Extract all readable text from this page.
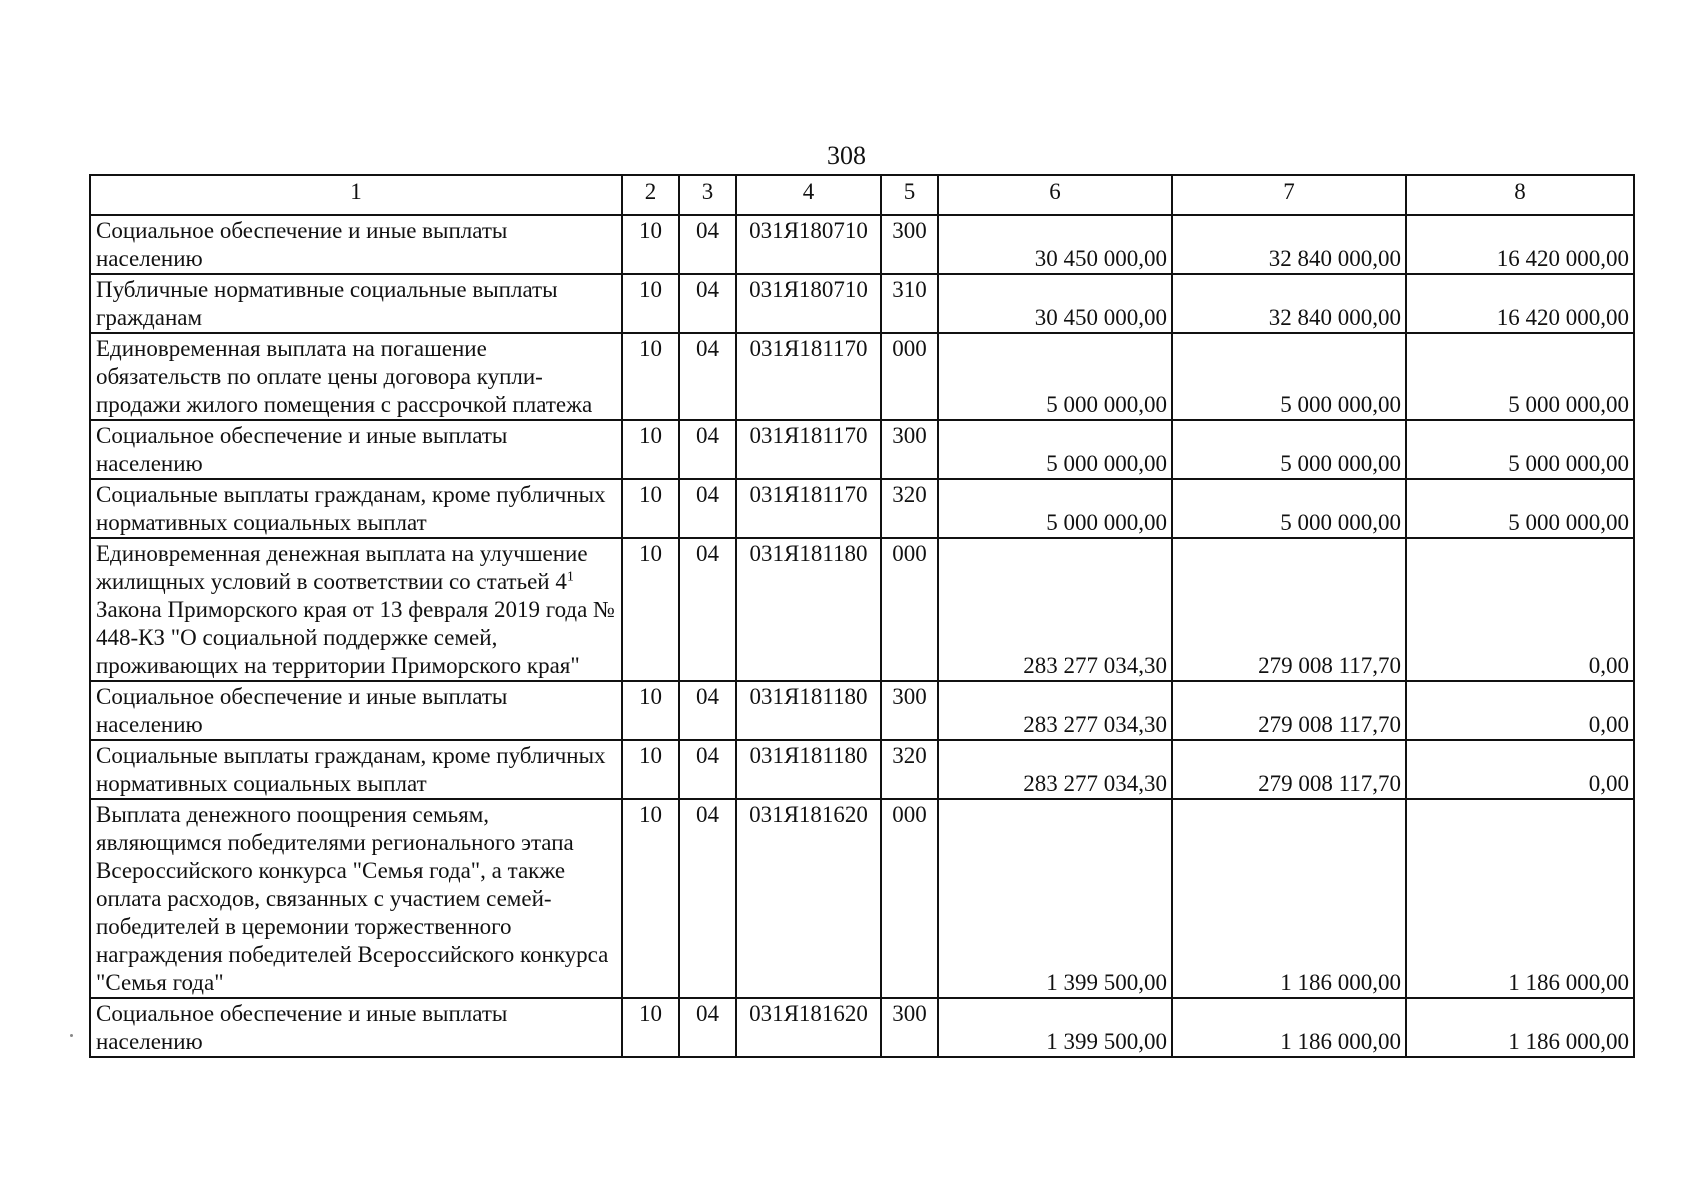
308
1	2	3	4	5	6	7	8
Социальное обеспечение и иные выплаты населению	10	04	031Я180710	300	30 450 000,00	32 840 000,00	16 420 000,00
Публичные нормативные социальные выплаты гражданам	10	04	031Я180710	310	30 450 000,00	32 840 000,00	16 420 000,00
Единовременная выплата на погашение обязательств по оплате цены договора купли-продажи жилого помещения с рассрочкой платежа	10	04	031Я181170	000	5 000 000,00	5 000 000,00	5 000 000,00
Социальное обеспечение и иные выплаты населению	10	04	031Я181170	300	5 000 000,00	5 000 000,00	5 000 000,00
Социальные выплаты гражданам, кроме публичных нормативных социальных выплат	10	04	031Я181170	320	5 000 000,00	5 000 000,00	5 000 000,00
Единовременная денежная выплата на улучшение жилищных условий в соответствии со статьей $4^1$ Закона Приморского края от 13 февраля 2019 года № 448-КЗ "О социальной поддержке семей, проживающих на территории Приморского края"	10	04	031Я181180	000	283 277 034,30	279 008 117,70	0,00
Социальное обеспечение и иные выплаты населению	10	04	031Я181180	300	283 277 034,30	279 008 117,70	0,00
Социальные выплаты гражданам, кроме публичных нормативных социальных выплат	10	04	031Я181180	320	283 277 034,30	279 008 117,70	0,00
Выплата денежного поощрения семьям, являющимся победителями регионального этапа Всероссийского конкурса "Семья года", а также оплата расходов, связанных с участием семей-победителей в церемонии торжественного награждения победителей Всероссийского конкурса "Семья года"	10	04	031Я181620	000	1 399 500,00	1 186 000,00	1 186 000,00
Социальное обеспечение и иные выплаты населению	10	04	031Я181620	300	1 399 500,00	1 186 000,00	1 186 000,00
